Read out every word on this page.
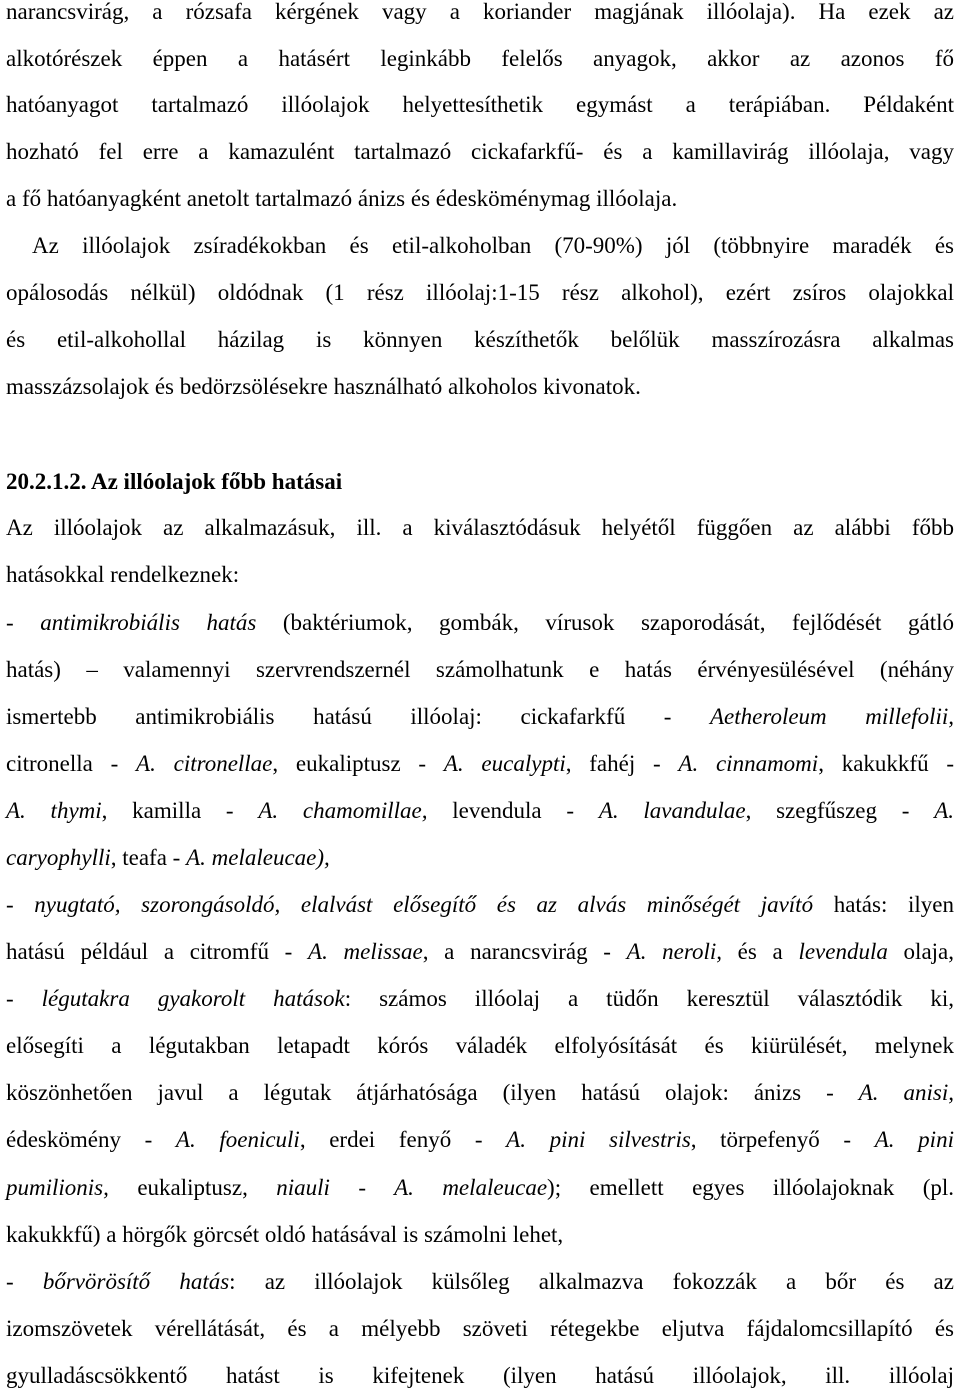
narancsvirág, a rózsafa kérgének vagy a koriander magjának illóolaja). Ha ezek az
alkotórészek éppen a hatásért leginkább felelős anyagok, akkor az azonos fő
hatóanyagot tartalmazó illóolajok helyettesíthetik egymást a terápiában. Példaként
hozható fel erre a kamazulént tartalmazó cickafarkfű- és a kamillavirág illóolaja, vagy
a fő hatóanyagként anetolt tartalmazó ánizs és édesköménymag illóolaja.
Az illóolajok zsíradékokban és etil-alkoholban (70-90%) jól (többnyire maradék és
opálosodás nélkül) oldódnak (1 rész illóolaj:1-15 rész alkohol), ezért zsíros olajokkal
és etil-alkohollal házilag is könnyen készíthetők belőlük masszírozásra alkalmas
masszázsolajok és bedörzsölésekre használható alkoholos kivonatok.
20.2.1.2. Az illóolajok főbb hatásai
Az illóolajok az alkalmazásuk, ill. a kiválasztódásuk helyétől függően az alábbi főbb
hatásokkal rendelkeznek:
- antimikrobiális hatás (baktériumok, gombák, vírusok szaporodását, fejlődését gátló
hatás) – valamennyi szervrendszernél számolhatunk e hatás érvényesülésével (néhány
ismertebb antimikrobiális hatású illóolaj: cickafarkfű - Aetheroleum millefolii,
citronella - A. citronellae, eukaliptusz - A. eucalypti, fahéj - A. cinnamomi, kakukkfű -
A. thymi, kamilla - A. chamomillae, levendula - A. lavandulae, szegfűszeg - A.
caryophylli, teafa - A. melaleucae),
- nyugtató, szorongásoldó, elalvást elősegítő és az alvás minőségét javító hatás: ilyen
hatású például a citromfű - A. melissae, a narancsvirág - A. neroli, és a levendula olaja,
- légutakra gyakorolt hatások: számos illóolaj a tüdőn keresztül választódik ki,
elősegíti a légutakban letapadt kórós váladék elfolyósítását és kiürülését, melynek
köszönhetően javul a légutak átjárhatósága (ilyen hatású olajok: ánizs - A. anisi,
édeskömény - A. foeniculi, erdei fenyő - A. pini silvestris, törpefenyő - A. pini
pumilionis, eukaliptusz, niauli - A. melaleucae); emellett egyes illóolajoknak (pl.
kakukkfű) a hörgők görcsét oldó hatásával is számolni lehet,
- bőrvörösítő hatás: az illóolajok külsőleg alkalmazva fokozzák a bőr és az
izomszövetek vérellátását, és a mélyebb szöveti rétegekbe eljutva fájdalomcsillapító és
gyulladáscsökkentő hatást is kifejtenek (ilyen hatású illóolajok, ill. illóolaj
